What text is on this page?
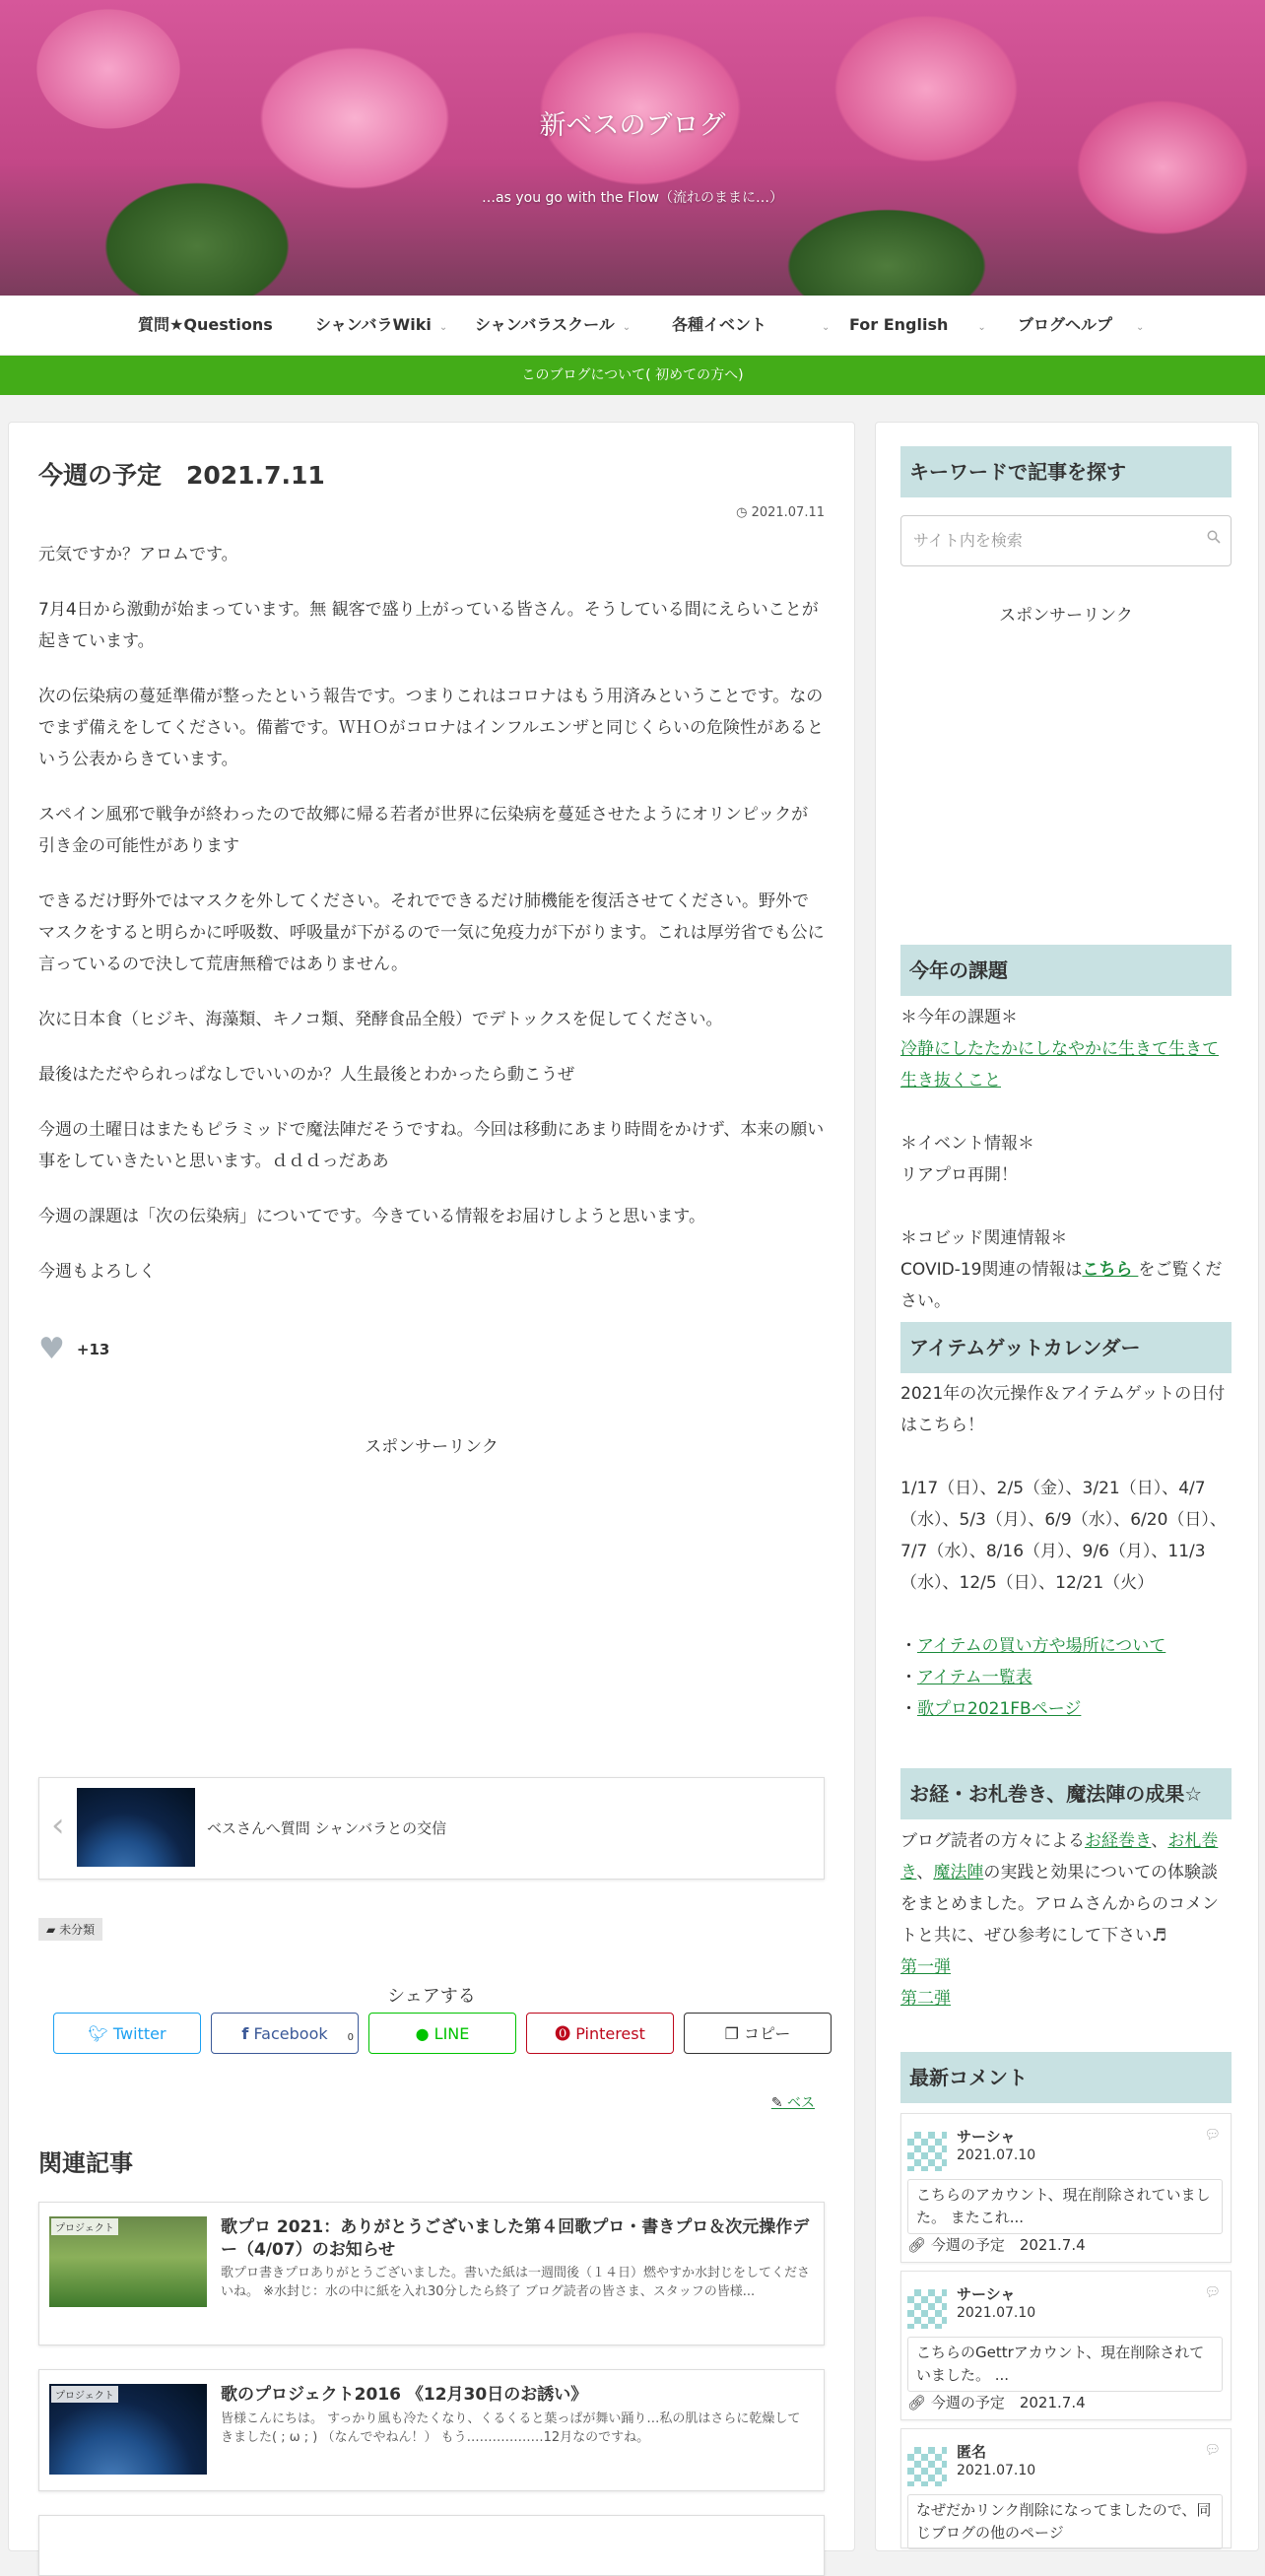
新ベスのブログ
…as you go with the Flow（流れのままに…）
質問★Questions	シャンバラWiki ⌄ シャンバラスクール ⌄	各種イベント	⌄ For English	⌄ ブログヘルプ ⌄
このブログについて( 初めての方へ)
今週の予定　2021.7.11
◷ 2021.07.11

元気ですか？アロムです。

7月4日から激動が始まっています。無 観客で盛り上がっている皆さん。そうしている間にえらいことが起きています。

次の伝染病の蔓延準備が整ったという報告です。つまりこれはコロナはもう用済みということです。なのでまず備えをしてください。備蓄です。ＷＨＯがコロナはインフルエンザと同じくらいの危険性があるという公表からきています。

スペイン風邪で戦争が終わったので故郷に帰る若者が世界に伝染病を蔓延させたようにオリンピックが引き金の可能性があります

できるだけ野外ではマスクを外してください。それでできるだけ肺機能を復活させてください。野外でマスクをすると明らかに呼吸数、呼吸量が下がるので一気に免疫力が下がります。これは厚労省でも公に言っているので決して荒唐無稽ではありません。

次に日本食（ヒジキ、海藻類、キノコ類、発酵食品全般）でデトックスを促してください。

最後はただやられっぱなしでいいのか？人生最後とわかったら動こうぜ

今週の土曜日はまたもピラミッドで魔法陣だそうですね。今回は移動にあまり時間をかけず、本来の願い事をしていきたいと思います。ｄｄｄっだああ

今週の課題は「次の伝染病」についてです。今きている情報をお届けしようと思います。

今週もよろしく

♥ +13
スポンサーリンク
‹	ベスさんへ質問 シャンバラとの交信
▰ 未分類
シェアする
🐦︎ Twitter	f Facebook 0	● LINE	⓿ Pinterest	❐ コピー
✎ ベス
関連記事
プロジェクト	歌プロ 2021：ありがとうございました第４回歌プロ・書きプロ＆次元操作デー（4/07）のお知らせ
歌プロ書きプロありがとうございました。書いた紙は一週間後（１４日）燃やすか水封じをしてくださいね。 ※水封じ：水の中に紙を入れ30分したら終了 ブログ読者の皆さま、スタッフの皆様...
プロジェクト	歌のプロジェクト2016 《12月30日のお誘い》
皆様こんにちは。 すっかり風も冷たくなり、くるくると葉っぱが舞い踊り…私の肌はさらに乾燥してきました( ; ω ; ) （なんでやねん！） もう………………12月なのですね。
キーワードで記事を探す
サイト内を検索
スポンサーリンク
今年の課題
＊今年の課題＊
冷静にしたたかにしなやかに生きて生きて生き抜くこと
＊イベント情報＊
リアプロ再開！
＊コビッド関連情報＊
COVID-19関連の情報はこちら をご覧ください。
アイテムゲットカレンダー
2021年の次元操作＆アイテムゲットの日付はこちら！
1/17（日）、2/5（金）、3/21（日）、4/7（水）、5/3（月）、6/9（水）、6/20（日）、7/7（水）、8/16（月）、9/6（月）、11/3（水）、12/5（日）、12/21（火）
・アイテムの買い方や場所について
・アイテム一覧表
・歌プロ2021FBページ
お経・お札巻き、魔法陣の成果☆
ブログ読者の方々によるお経巻き、お札巻き、魔法陣の実践と効果についての体験談をまとめました。アロムさんからのコメントと共に、ぜひ参考にして下さい♬
第一弾
第二弾
最新コメント
サーシャ
2021.07.10
💬︎
こちらのアカウント、現在削除されていました。 またこれ...
🔗︎ 今週の予定　2021.7.4
サーシャ
2021.07.10
💬︎
こちらのGettrアカウント、現在削除されていました。 ...
🔗︎ 今週の予定　2021.7.4
匿名
2021.07.10
💬︎
なぜだかリンク削除になってましたので、同じブログの他のページ
